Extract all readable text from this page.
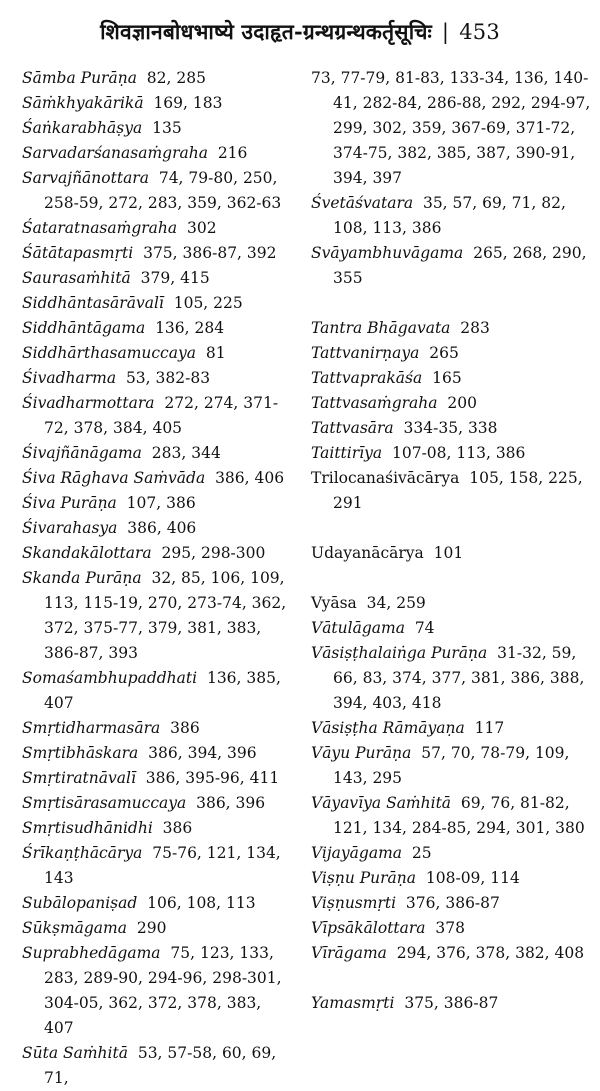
शिवज्ञानबोधभाष्ये उदाहृत-ग्रन्थग्रन्थकर्तृसूचिः | 453
Sāmba Purāṇa 82, 285
Sāṁkhyakārikā 169, 183
Śaṅkarabhāṣya 135
Sarvadarśanasaṁgraha 216
Sarvajñānottara 74, 79-80, 250, 258-59, 272, 283, 359, 362-63
Śataratnasaṁgraha 302
Śātātapasmṛti 375, 386-87, 392
Saurasaṁhitā 379, 415
Siddhāntasārāvalī 105, 225
Siddhāntāgama 136, 284
Siddhārthasamuccaya 81
Śivadharma 53, 382-83
Śivadharmottara 272, 274, 371-72, 378, 384, 405
Śivajñānāgama 283, 344
Śiva Rāghava Saṁvāda 386, 406
Śiva Purāṇa 107, 386
Śivarahasya 386, 406
Skandakālottara 295, 298-300
Skanda Purāṇa 32, 85, 106, 109, 113, 115-19, 270, 273-74, 362, 372, 375-77, 379, 381, 383, 386-87, 393
Somaśambhupaddhati 136, 385, 407
Smṛtidharmasāra 386
Smṛtibhāskara 386, 394, 396
Smṛtiratnāvalī 386, 395-96, 411
Smṛtisārasamuccaya 386, 396
Smṛtisudhānidhi 386
Śrīkaṇṭhācārya 75-76, 121, 134, 143
Subālopaniṣad 106, 108, 113
Sūkṣmāgama 290
Suprabhedāgama 75, 123, 133, 283, 289-90, 294-96, 298-301, 304-05, 362, 372, 378, 383, 407
Sūta Saṁhitā 53, 57-58, 60, 69, 71,
73, 77-79, 81-83, 133-34, 136, 140-41, 282-84, 286-88, 292, 294-97, 299, 302, 359, 367-69, 371-72, 374-75, 382, 385, 387, 390-91, 394, 397
Śvetāśvatara 35, 57, 69, 71, 82, 108, 113, 386
Svāyambhuvāgama 265, 268, 290, 355
Tantra Bhāgavata 283
Tattvanirṇaya 265
Tattvaprakāśa 165
Tattvasaṁgraha 200
Tattvasāra 334-35, 338
Taittirīya 107-08, 113, 386
Trilocanaśivācārya 105, 158, 225, 291
Udayanācārya 101
Vyāsa 34, 259
Vātulāgama 74
Vāsiṣṭhalaiṅga Purāṇa 31-32, 59, 66, 83, 374, 377, 381, 386, 388, 394, 403, 418
Vāsiṣṭha Rāmāyaṇa 117
Vāyu Purāṇa 57, 70, 78-79, 109, 143, 295
Vāyavīya Saṁhitā 69, 76, 81-82, 121, 134, 284-85, 294, 301, 380
Vijayāgama 25
Viṣṇu Purāṇa 108-09, 114
Viṣṇusmṛti 376, 386-87
Vīpsākālottara 378
Vīrāgama 294, 376, 378, 382, 408
Yamasmṛti 375, 386-87
